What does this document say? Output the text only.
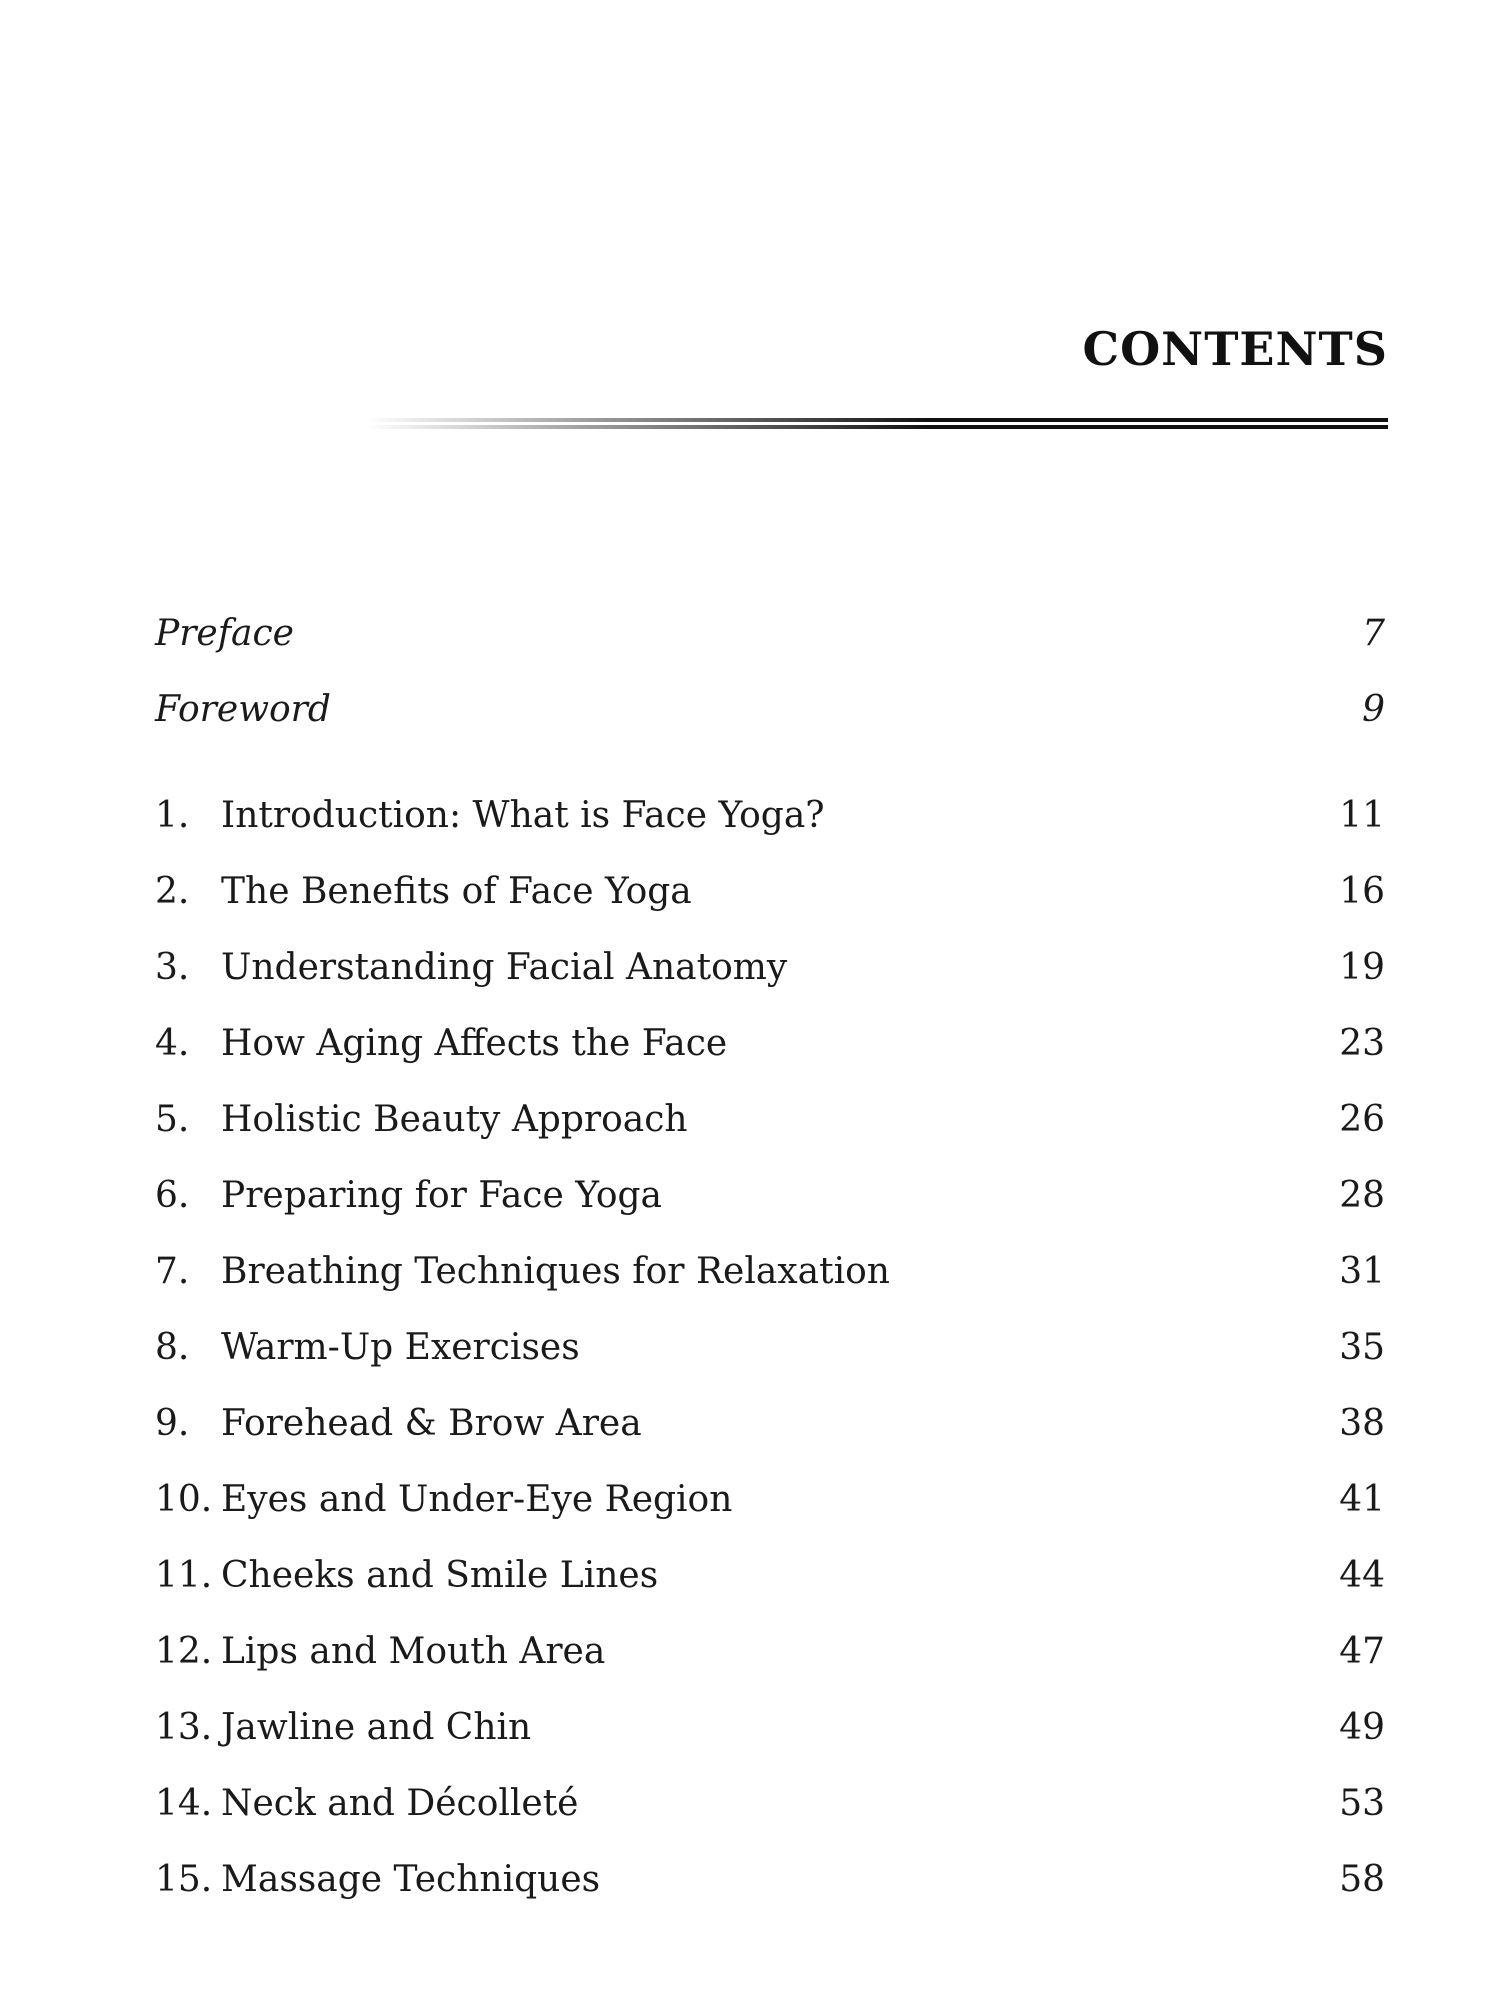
CONTENTS
Preface	7
Foreword	9
1. Introduction: What is Face Yoga?	11
2. The Benefits of Face Yoga	16
3. Understanding Facial Anatomy	19
4. How Aging Affects the Face	23
5. Holistic Beauty Approach	26
6. Preparing for Face Yoga	28
7. Breathing Techniques for Relaxation	31
8. Warm-Up Exercises	35
9. Forehead & Brow Area	38
10. Eyes and Under-Eye Region	41
11. Cheeks and Smile Lines	44
12. Lips and Mouth Area	47
13. Jawline and Chin	49
14. Neck and Décolleté	53
15. Massage Techniques	58
